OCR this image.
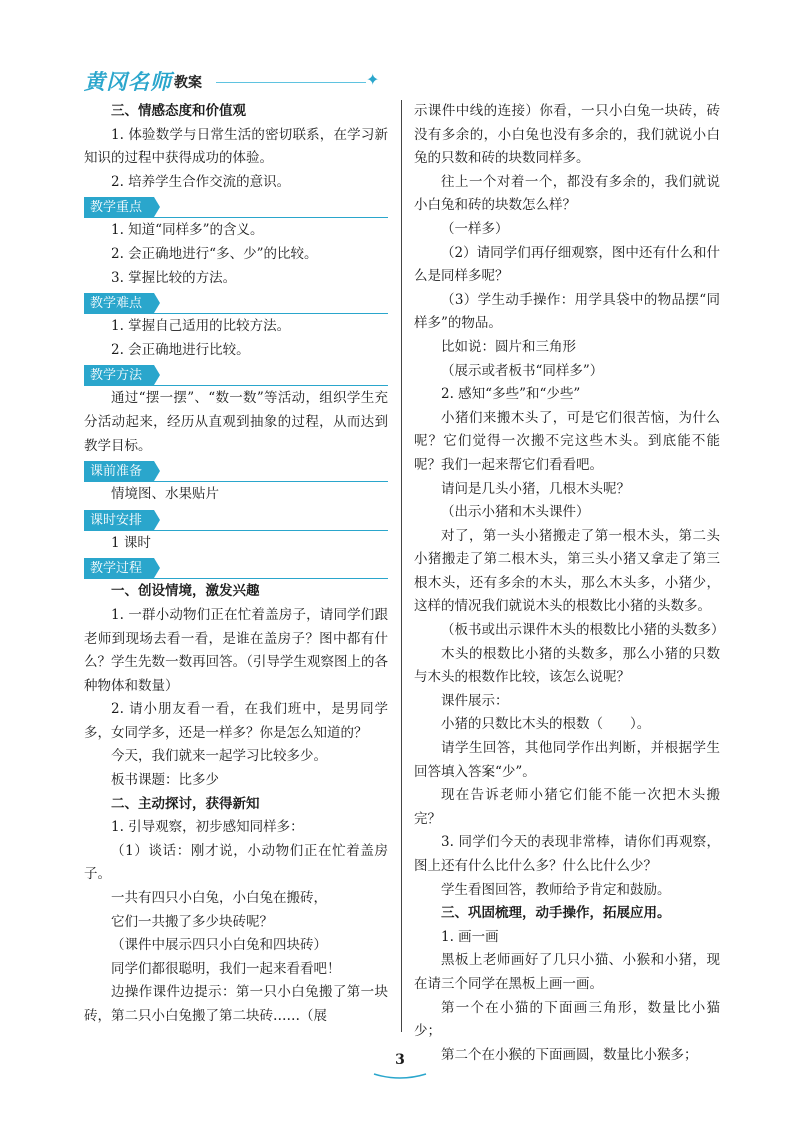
黄冈名师 教案	✦

三、情感态度和价值观

1. 体验数学与日常生活的密切联系，在学习新知识的过程中获得成功的体验。

2. 培养学生合作交流的意识。

教学重点

1. 知道“同样多”的含义。

2. 会正确地进行“多、少”的比较。

3. 掌握比较的方法。

教学难点

1. 掌握自己适用的比较方法。

2. 会正确地进行比较。

教学方法

通过“摆一摆”、“数一数”等活动，组织学生充分活动起来，经历从直观到抽象的过程，从而达到教学目标。

课前准备

情境图、水果贴片

课时安排

1 课时

教学过程

一、创设情境，激发兴趣

1. 一群小动物们正在忙着盖房子，请同学们跟老师到现场去看一看，是谁在盖房子？图中都有什么？学生先数一数再回答。（引导学生观察图上的各种物体和数量）

2. 请小朋友看一看，在我们班中，是男同学多，女同学多，还是一样多？你是怎么知道的？

今天，我们就来一起学习比较多少。

板书课题：比多少

二、主动探讨，获得新知

1. 引导观察，初步感知同样多：

（1）谈话：刚才说，小动物们正在忙着盖房子。

一共有四只小白兔，小白兔在搬砖，

它们一共搬了多少块砖呢？

（课件中展示四只小白兔和四块砖）

同学们都很聪明，我们一起来看看吧！

边操作课件边提示：第一只小白兔搬了第一块砖，第二只小白兔搬了第二块砖……（展

示课件中线的连接）你看，一只小白兔一块砖，砖没有多余的，小白兔也没有多余的，我们就说小白兔的只数和砖的块数同样多。

往上一个对着一个，都没有多余的，我们就说小白兔和砖的块数怎么样？

（一样多）

（2）请同学们再仔细观察，图中还有什么和什么是同样多呢？

（3）学生动手操作：用学具袋中的物品摆“同样多”的物品。

比如说：圆片和三角形

（展示或者板书“同样多”）

2. 感知“多些”和“少些”

小猪们来搬木头了，可是它们很苦恼，为什么呢？它们觉得一次搬不完这些木头。到底能不能呢？我们一起来帮它们看看吧。

请问是几头小猪，几根木头呢？

（出示小猪和木头课件）

对了，第一头小猪搬走了第一根木头，第二头小猪搬走了第二根木头，第三头小猪又拿走了第三根木头，还有多余的木头，那么木头多，小猪少，这样的情况我们就说木头的根数比小猪的头数多。

（板书或出示课件木头的根数比小猪的头数多）

木头的根数比小猪的头数多，那么小猪的只数与木头的根数作比较，该怎么说呢？

课件展示：

小猪的只数比木头的根数（　　）。

请学生回答，其他同学作出判断，并根据学生回答填入答案“少”。

现在告诉老师小猪它们能不能一次把木头搬完？

3. 同学们今天的表现非常棒，请你们再观察，图上还有什么比什么多？什么比什么少？

学生看图回答，教师给予肯定和鼓励。

三、巩固梳理，动手操作，拓展应用。

1. 画一画

黑板上老师画好了几只小猫、小猴和小猪，现在请三个同学在黑板上画一画。

第一个在小猫的下面画三角形，数量比小猫少；

第二个在小猴的下面画圆，数量比小猴多；

3
